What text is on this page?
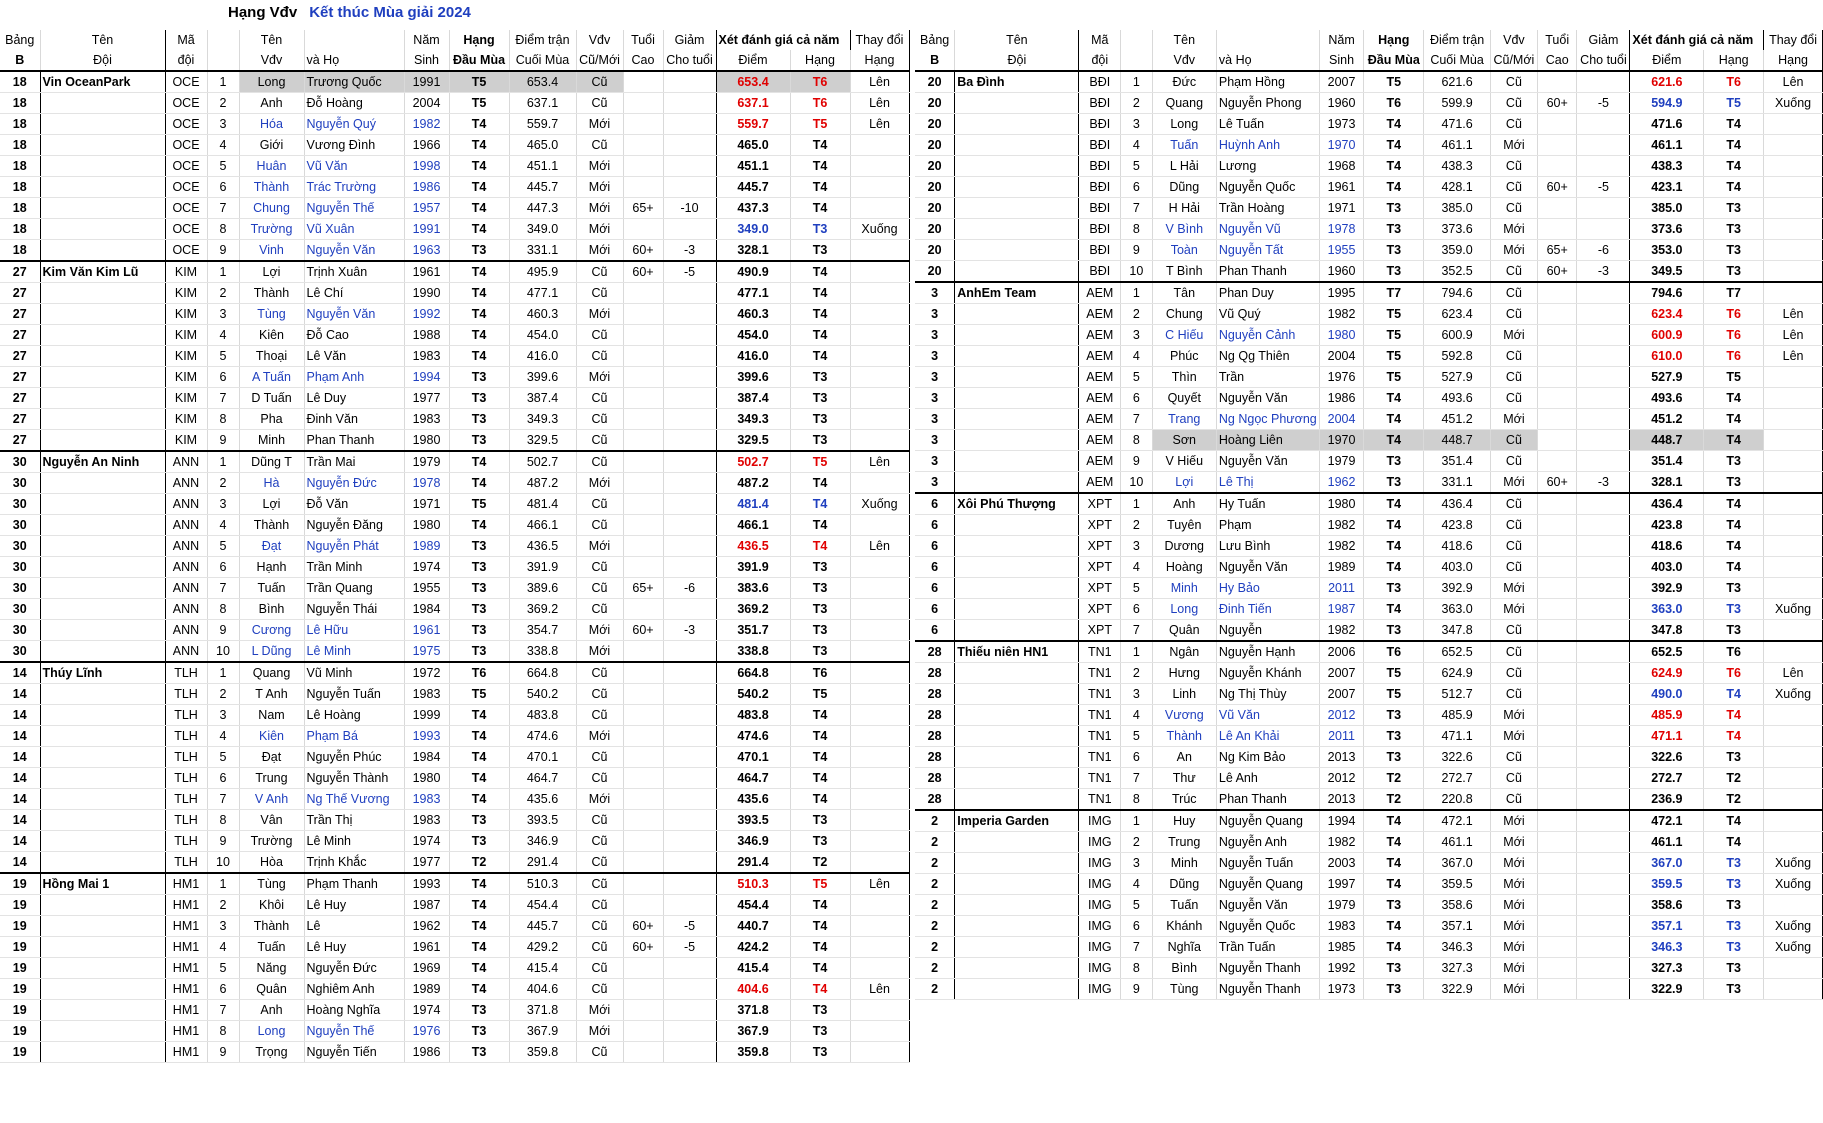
Hạng Vđv Kết thúc Mùa giải 2024
Bảng	Tên	Mã		Tên		Năm	Hạng	Điểm trận	Vđv	Tuổi	Giảm	Xét đánh giá cả năm		Thay đổi
B	Đội	đội		Vđv	và Họ	Sinh	Đầu Mùa	Cuối Mùa	Cũ/Mới	Cao	Cho tuổi	Điểm	Hạng	Hạng
18	Vin OceanPark	OCE	1	Long	Trương Quốc	1991	T5	653.4	Cũ			653.4	T6	Lên
18		OCE	2	Anh	Đỗ Hoàng	2004	T5	637.1	Cũ			637.1	T6	Lên
18		OCE	3	Hóa	Nguyễn Quý	1982	T4	559.7	Mới			559.7	T5	Lên
18		OCE	4	Giới	Vương Đình	1966	T4	465.0	Cũ			465.0	T4	
18		OCE	5	Huân	Vũ Văn	1998	T4	451.1	Mới			451.1	T4	
18		OCE	6	Thành	Trác Trường	1986	T4	445.7	Mới			445.7	T4	
18		OCE	7	Chung	Nguyễn Thế	1957	T4	447.3	Mới	65+	-10	437.3	T4	
18		OCE	8	Trường	Vũ Xuân	1991	T4	349.0	Mới			349.0	T3	Xuống
18		OCE	9	Vinh	Nguyễn Văn	1963	T3	331.1	Mới	60+	-3	328.1	T3	
27	Kim Văn Kim Lũ	KIM	1	Lợi	Trịnh Xuân	1961	T4	495.9	Cũ	60+	-5	490.9	T4	
27		KIM	2	Thành	Lê Chí	1990	T4	477.1	Cũ			477.1	T4	
27		KIM	3	Tùng	Nguyễn Văn	1992	T4	460.3	Mới			460.3	T4	
27		KIM	4	Kiên	Đỗ Cao	1988	T4	454.0	Cũ			454.0	T4	
27		KIM	5	Thoại	Lê Văn	1983	T4	416.0	Cũ			416.0	T4	
27		KIM	6	A Tuấn	Phạm Anh	1994	T3	399.6	Mới			399.6	T3	
27		KIM	7	D Tuấn	Lê Duy	1977	T3	387.4	Cũ			387.4	T3	
27		KIM	8	Pha	Đinh Văn	1983	T3	349.3	Cũ			349.3	T3	
27		KIM	9	Minh	Phan Thanh	1980	T3	329.5	Cũ			329.5	T3	
30	Nguyễn An Ninh	ANN	1	Dũng T	Trần Mai	1979	T4	502.7	Cũ			502.7	T5	Lên
30		ANN	2	Hà	Nguyễn Đức	1978	T4	487.2	Mới			487.2	T4	
30		ANN	3	Lợi	Đỗ Văn	1971	T5	481.4	Cũ			481.4	T4	Xuống
30		ANN	4	Thành	Nguyễn Đăng	1980	T4	466.1	Cũ			466.1	T4	
30		ANN	5	Đạt	Nguyễn Phát	1989	T3	436.5	Mới			436.5	T4	Lên
30		ANN	6	Hạnh	Trần Minh	1974	T3	391.9	Cũ			391.9	T3	
30		ANN	7	Tuấn	Trần Quang	1955	T3	389.6	Cũ	65+	-6	383.6	T3	
30		ANN	8	Bình	Nguyễn Thái	1984	T3	369.2	Cũ			369.2	T3	
30		ANN	9	Cương	Lê Hữu	1961	T3	354.7	Mới	60+	-3	351.7	T3	
30		ANN	10	L Dũng	Lê Minh	1975	T3	338.8	Mới			338.8	T3	
14	Thúy Lĩnh	TLH	1	Quang	Vũ Minh	1972	T6	664.8	Cũ			664.8	T6	
14		TLH	2	T Anh	Nguyễn Tuấn	1983	T5	540.2	Cũ			540.2	T5	
14		TLH	3	Nam	Lê Hoàng	1999	T4	483.8	Cũ			483.8	T4	
14		TLH	4	Kiên	Phạm Bá	1993	T4	474.6	Mới			474.6	T4	
14		TLH	5	Đạt	Nguyễn Phúc	1984	T4	470.1	Cũ			470.1	T4	
14		TLH	6	Trung	Nguyễn Thành	1980	T4	464.7	Cũ			464.7	T4	
14		TLH	7	V Anh	Ng Thế Vương	1983	T4	435.6	Mới			435.6	T4	
14		TLH	8	Vân	Trần Thị	1983	T3	393.5	Cũ			393.5	T3	
14		TLH	9	Trường	Lê Minh	1974	T3	346.9	Cũ			346.9	T3	
14		TLH	10	Hòa	Trịnh Khắc	1977	T2	291.4	Cũ			291.4	T2	
19	Hồng Mai 1	HM1	1	Tùng	Phạm Thanh	1993	T4	510.3	Cũ			510.3	T5	Lên
19		HM1	2	Khôi	Lê Huy	1987	T4	454.4	Cũ			454.4	T4	
19		HM1	3	Thành	Lê	1962	T4	445.7	Cũ	60+	-5	440.7	T4	
19		HM1	4	Tuấn	Lê Huy	1961	T4	429.2	Cũ	60+	-5	424.2	T4	
19		HM1	5	Năng	Nguyễn Đức	1969	T4	415.4	Cũ			415.4	T4	
19		HM1	6	Quân	Nghiêm Anh	1989	T4	404.6	Cũ			404.6	T4	Lên
19		HM1	7	Anh	Hoàng Nghĩa	1974	T3	371.8	Mới			371.8	T3	
19		HM1	8	Long	Nguyễn Thế	1976	T3	367.9	Mới			367.9	T3	
19		HM1	9	Trọng	Nguyễn Tiến	1986	T3	359.8	Cũ			359.8	T3	
Bảng	Tên	Mã		Tên		Năm	Hạng	Điểm trận	Vđv	Tuổi	Giảm	Xét đánh giá cả năm		Thay đổi
B	Đội	đội		Vđv	và Họ	Sinh	Đầu Mùa	Cuối Mùa	Cũ/Mới	Cao	Cho tuổi	Điểm	Hạng	Hạng
20	Ba Đình	BĐI	1	Đức	Phạm Hồng	2007	T5	621.6	Cũ			621.6	T6	Lên
20		BĐI	2	Quang	Nguyễn Phong	1960	T6	599.9	Cũ	60+	-5	594.9	T5	Xuống
20		BĐI	3	Long	Lê Tuấn	1973	T4	471.6	Cũ			471.6	T4	
20		BĐI	4	Tuấn	Huỳnh Anh	1970	T4	461.1	Mới			461.1	T4	
20		BĐI	5	L Hải	Lương	1968	T4	438.3	Cũ			438.3	T4	
20		BĐI	6	Dũng	Nguyễn Quốc	1961	T4	428.1	Cũ	60+	-5	423.1	T4	
20		BĐI	7	H Hải	Trần Hoàng	1971	T3	385.0	Cũ			385.0	T3	
20		BĐI	8	V Bình	Nguyễn Vũ	1978	T3	373.6	Mới			373.6	T3	
20		BĐI	9	Toàn	Nguyễn Tất	1955	T3	359.0	Mới	65+	-6	353.0	T3	
20		BĐI	10	T Bình	Phan Thanh	1960	T3	352.5	Cũ	60+	-3	349.5	T3	
3	AnhEm Team	AEM	1	Tân	Phan Duy	1995	T7	794.6	Cũ			794.6	T7	
3		AEM	2	Chung	Vũ Quý	1982	T5	623.4	Cũ			623.4	T6	Lên
3		AEM	3	C Hiếu	Nguyễn Cảnh	1980	T5	600.9	Mới			600.9	T6	Lên
3		AEM	4	Phúc	Ng Qg Thiên	2004	T5	592.8	Cũ			610.0	T6	Lên
3		AEM	5	Thìn	Trần	1976	T5	527.9	Cũ			527.9	T5	
3		AEM	6	Quyết	Nguyễn Văn	1986	T4	493.6	Cũ			493.6	T4	
3		AEM	7	Trang	Ng Ngọc Phương	2004	T4	451.2	Mới			451.2	T4	
3		AEM	8	Sơn	Hoàng Liên	1970	T4	448.7	Cũ			448.7	T4	
3		AEM	9	V Hiếu	Nguyễn Văn	1979	T3	351.4	Cũ			351.4	T3	
3		AEM	10	Lợi	Lê Thị	1962	T3	331.1	Mới	60+	-3	328.1	T3	
6	Xôi Phú Thượng	XPT	1	Anh	Hy Tuấn	1980	T4	436.4	Cũ			436.4	T4	
6		XPT	2	Tuyên	Phạm	1982	T4	423.8	Cũ			423.8	T4	
6		XPT	3	Dương	Lưu Bình	1982	T4	418.6	Cũ			418.6	T4	
6		XPT	4	Hoàng	Nguyễn Văn	1989	T4	403.0	Cũ			403.0	T4	
6		XPT	5	Minh	Hy Bảo	2011	T3	392.9	Mới			392.9	T3	
6		XPT	6	Long	Đinh Tiến	1987	T4	363.0	Mới			363.0	T3	Xuống
6		XPT	7	Quân	Nguyễn	1982	T3	347.8	Cũ			347.8	T3	
28	Thiếu niên HN1	TN1	1	Ngân	Nguyễn Hạnh	2006	T6	652.5	Cũ			652.5	T6	
28		TN1	2	Hưng	Nguyễn Khánh	2007	T5	624.9	Cũ			624.9	T6	Lên
28		TN1	3	Linh	Ng Thị Thùy	2007	T5	512.7	Cũ			490.0	T4	Xuống
28		TN1	4	Vương	Vũ Văn	2012	T3	485.9	Mới			485.9	T4	
28		TN1	5	Thành	Lê An Khải	2011	T3	471.1	Mới			471.1	T4	
28		TN1	6	An	Ng Kim Bảo	2013	T3	322.6	Cũ			322.6	T3	
28		TN1	7	Thư	Lê Anh	2012	T2	272.7	Cũ			272.7	T2	
28		TN1	8	Trúc	Phan Thanh	2013	T2	220.8	Cũ			236.9	T2	
2	Imperia Garden	IMG	1	Huy	Nguyễn Quang	1994	T4	472.1	Mới			472.1	T4	
2		IMG	2	Trung	Nguyễn Anh	1982	T4	461.1	Mới			461.1	T4	
2		IMG	3	Minh	Nguyễn Tuấn	2003	T4	367.0	Mới			367.0	T3	Xuống
2		IMG	4	Dũng	Nguyễn Quang	1997	T4	359.5	Mới			359.5	T3	Xuống
2		IMG	5	Tuấn	Nguyễn Văn	1979	T3	358.6	Mới			358.6	T3	
2		IMG	6	Khánh	Nguyễn Quốc	1983	T4	357.1	Mới			357.1	T3	Xuống
2		IMG	7	Nghĩa	Trần Tuấn	1985	T4	346.3	Mới			346.3	T3	Xuống
2		IMG	8	Bình	Nguyễn Thanh	1992	T3	327.3	Mới			327.3	T3	
2		IMG	9	Tùng	Nguyễn Thanh	1973	T3	322.9	Mới			322.9	T3	
